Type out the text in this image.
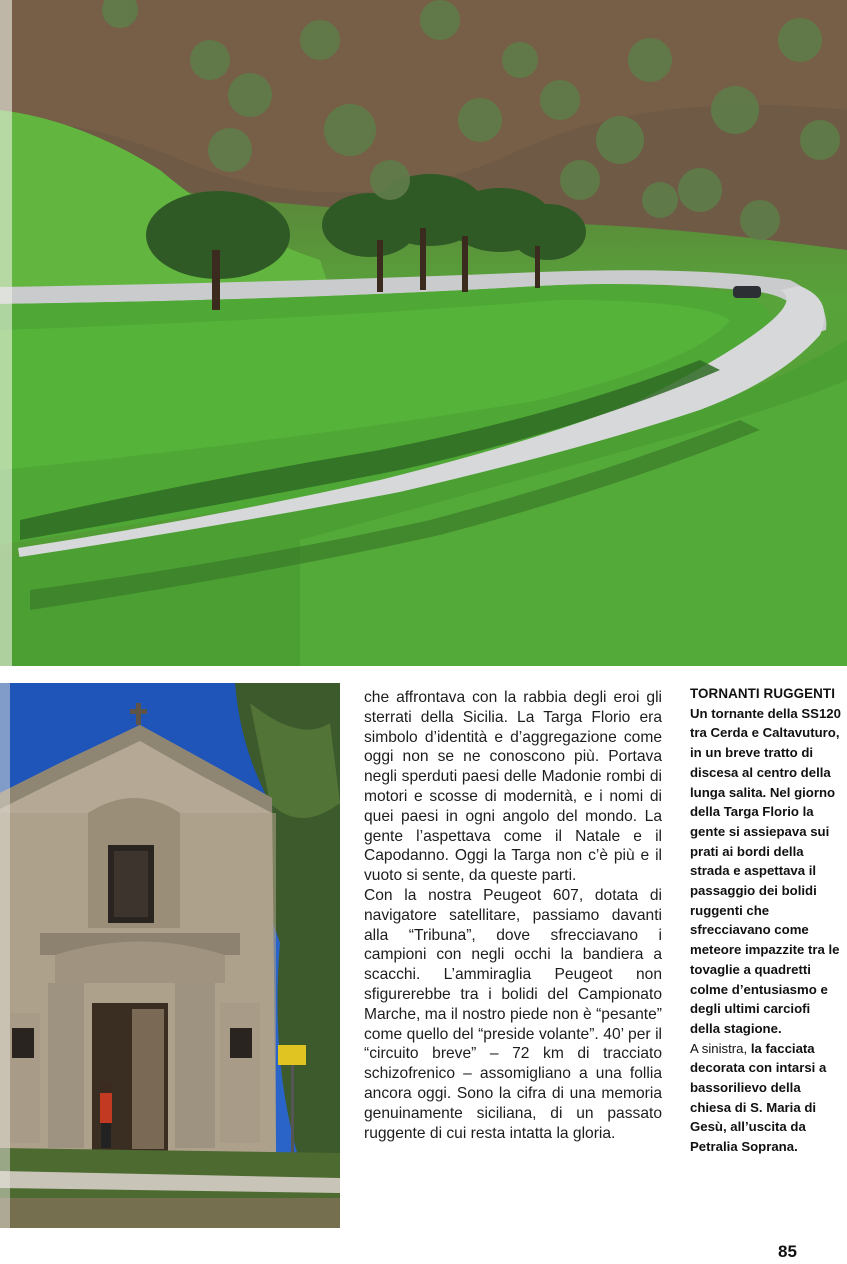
che affrontava con la rabbia degli eroi gli sterrati della Sicilia. La Targa Florio era simbolo d’identità e d’aggregazione come oggi non se ne conoscono più. Portava negli sperduti paesi delle Madonie rombi di motori e scosse di modernità, e i nomi di quei paesi in ogni angolo del mondo. La gente l’aspettava come il Natale e il Capodanno. Oggi la Targa non c’è più e il vuoto si sente, da queste parti.

Con la nostra Peugeot 607, dotata di navigatore satellitare, passiamo davanti alla “Tribuna”, dove sfrecciavano i campioni con negli occhi la bandiera a scacchi. L’ammiraglia Peugeot non sfigurerebbe tra i bolidi del Campionato Marche, ma il nostro piede non è “pesante” come quello del “preside volante”. 40’ per il “circuito breve” – 72 km di tracciato schizofrenico – assomigliano a una follia ancora oggi. Sono la cifra di una memoria genuinamente siciliana, di un passato ruggente di cui resta intatta la gloria.

TORNANTI RUGGENTI
Un tornante della SS120 tra Cerda e Caltavuturo, in un breve tratto di discesa al centro della lunga salita. Nel giorno della Targa Florio la gente si assiepava sui prati ai bordi della strada e aspettava il passaggio dei bolidi ruggenti che sfrecciavano come meteore impazzite tra le tovaglie a quadretti colme d’entusiasmo e degli ultimi carciofi della stagione.
A sinistra, la facciata decorata con intarsi a bassorilievo della chiesa di S. Maria di Gesù, all’uscita da Petralia Soprana.
85
